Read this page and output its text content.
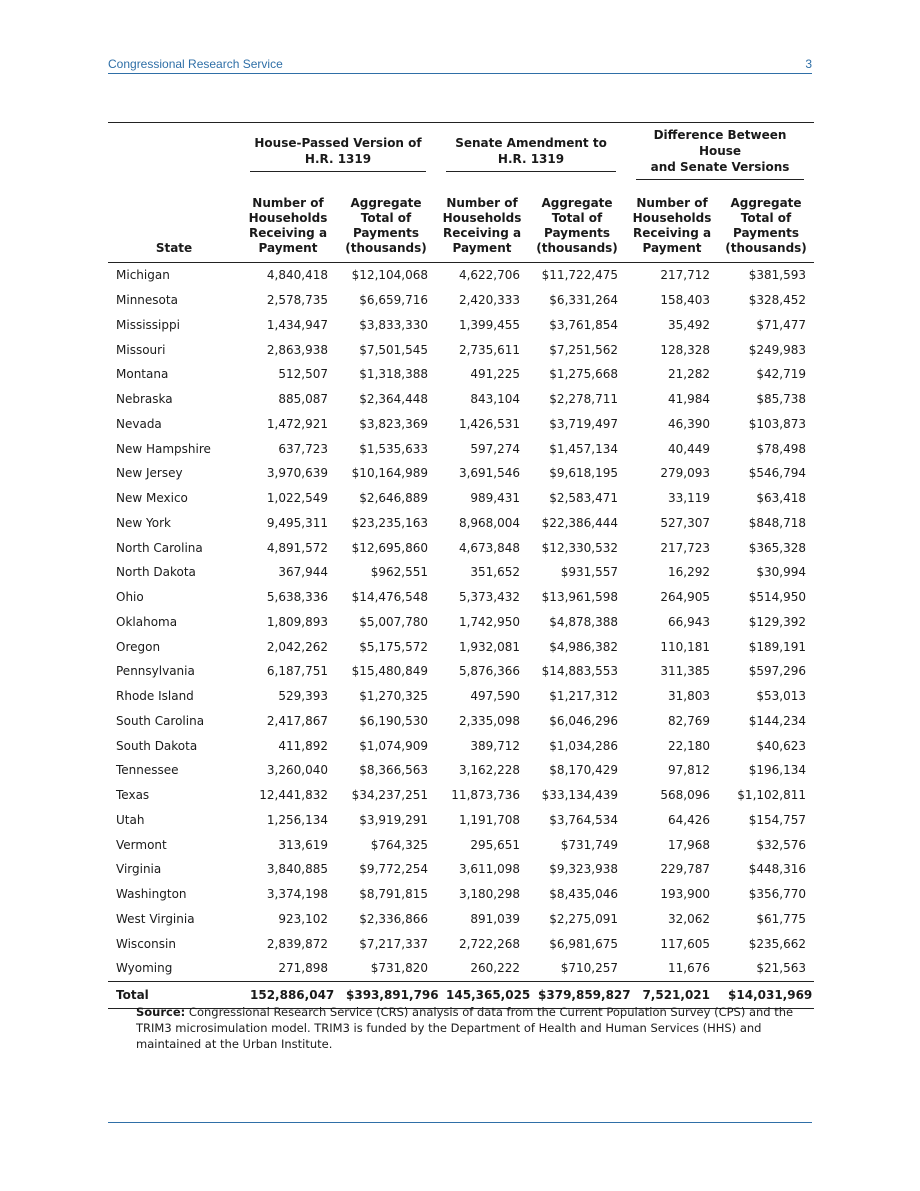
Congressional Research Service	3

	House-Passed Version of
H.R. 1319		Senate Amendment to
H.R. 1319		Difference Between House
and Senate Versions	

State	Number of
Households
Receiving a
Payment	Aggregate
Total of
Payments
(thousands)	Number of
Households
Receiving a
Payment	Aggregate
Total of
Payments
(thousands)	Number of
Households
Receiving a
Payment	Aggregate
Total of
Payments
(thousands)

Michigan	4,840,418	$12,104,068	4,622,706	$11,722,475	217,712	$381,593
Minnesota	2,578,735	$6,659,716	2,420,333	$6,331,264	158,403	$328,452
Mississippi	1,434,947	$3,833,330	1,399,455	$3,761,854	35,492	$71,477
Missouri	2,863,938	$7,501,545	2,735,611	$7,251,562	128,328	$249,983
Montana	512,507	$1,318,388	491,225	$1,275,668	21,282	$42,719
Nebraska	885,087	$2,364,448	843,104	$2,278,711	41,984	$85,738
Nevada	1,472,921	$3,823,369	1,426,531	$3,719,497	46,390	$103,873
New Hampshire	637,723	$1,535,633	597,274	$1,457,134	40,449	$78,498
New Jersey	3,970,639	$10,164,989	3,691,546	$9,618,195	279,093	$546,794
New Mexico	1,022,549	$2,646,889	989,431	$2,583,471	33,119	$63,418
New York	9,495,311	$23,235,163	8,968,004	$22,386,444	527,307	$848,718
North Carolina	4,891,572	$12,695,860	4,673,848	$12,330,532	217,723	$365,328
North Dakota	367,944	$962,551	351,652	$931,557	16,292	$30,994
Ohio	5,638,336	$14,476,548	5,373,432	$13,961,598	264,905	$514,950
Oklahoma	1,809,893	$5,007,780	1,742,950	$4,878,388	66,943	$129,392
Oregon	2,042,262	$5,175,572	1,932,081	$4,986,382	110,181	$189,191
Pennsylvania	6,187,751	$15,480,849	5,876,366	$14,883,553	311,385	$597,296
Rhode Island	529,393	$1,270,325	497,590	$1,217,312	31,803	$53,013
South Carolina	2,417,867	$6,190,530	2,335,098	$6,046,296	82,769	$144,234
South Dakota	411,892	$1,074,909	389,712	$1,034,286	22,180	$40,623
Tennessee	3,260,040	$8,366,563	3,162,228	$8,170,429	97,812	$196,134
Texas	12,441,832	$34,237,251	11,873,736	$33,134,439	568,096	$1,102,811
Utah	1,256,134	$3,919,291	1,191,708	$3,764,534	64,426	$154,757
Vermont	313,619	$764,325	295,651	$731,749	17,968	$32,576
Virginia	3,840,885	$9,772,254	3,611,098	$9,323,938	229,787	$448,316
Washington	3,374,198	$8,791,815	3,180,298	$8,435,046	193,900	$356,770
West Virginia	923,102	$2,336,866	891,039	$2,275,091	32,062	$61,775
Wisconsin	2,839,872	$7,217,337	2,722,268	$6,981,675	117,605	$235,662
Wyoming	271,898	$731,820	260,222	$710,257	11,676	$21,563
Total	152,886,047	$393,891,796	145,365,025	$379,859,827	7,521,021	$14,031,969
Source: Congressional Research Service (CRS) analysis of data from the Current Population Survey (CPS) and the TRIM3 microsimulation model. TRIM3 is funded by the Department of Health and Human Services (HHS) and maintained at the Urban Institute.
